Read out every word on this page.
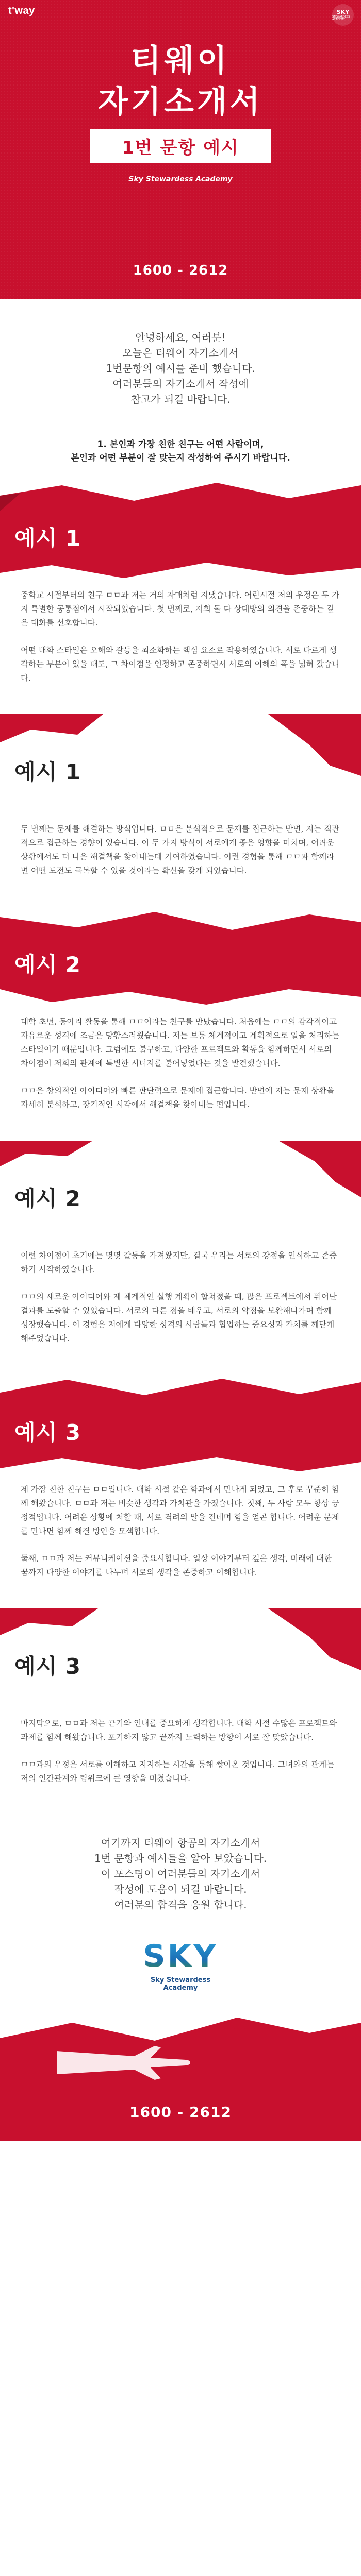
t'way	SKY
STEWARDESS ACADEMY
티웨이
자기소개서
1번 문항 예시
Sky Stewardess Academy
1600 - 2612

안녕하세요, 여러분!

오늘은 티웨이 자기소개서

1번문항의 예시를 준비 했습니다.

여러분들의 자기소개서 작성에

참고가 되길 바랍니다.

1. 본인과 가장 친한 친구는 어떤 사람이며,
본인과 어떤 부분이 잘 맞는지 작성하여 주시기 바랍니다.
예시 1

중학교 시절부터의 친구 ㅁㅁ과 저는 거의 자매처럼 지냈습니다. 어린시절 저의 우정은 두 가지 특별한 공통점에서 시작되었습니다. 첫 번째로, 저희 둘 다 상대방의 의견을 존중하는 깊은 대화를 선호합니다.

어떤 대화 스타일은 오해와 갈등을 최소화하는 핵심 요소로 작용하였습니다. 서로 다르게 생각하는 부분이 있을 때도, 그 차이점을 인정하고 존중하면서 서로의 이해의 폭을 넓혀 갔습니다.

예시 1

두 번째는 문제를 해결하는 방식입니다. ㅁㅁ은 분석적으로 문제를 접근하는 반면, 저는 직관적으로 접근하는 경향이 있습니다. 이 두 가지 방식이 서로에게 좋은 영향을 미치며, 어려운 상황에서도 더 나은 해결책을 찾아내는데 기여하였습니다. 이런 경험을 통해 ㅁㅁ과 함께라면 어떤 도전도 극복할 수 있을 것이라는 확신을 갖게 되었습니다.

예시 2

대학 초년, 동아리 활동을 통해 ㅁㅁ이라는 친구를 만났습니다. 처음에는 ㅁㅁ의 감각적이고 자유로운 성격에 조금은 당황스러웠습니다. 저는 보통 체계적이고 계획적으로 일을 처리하는 스타일이기 때문입니다. 그럼에도 불구하고, 다양한 프로젝트와 활동을 함께하면서 서로의 차이점이 저희의 관계에 특별한 시너지를 불어넣었다는 것을 발견했습니다.

ㅁㅁ은 창의적인 아이디어와 빠른 판단력으로 문제에 접근합니다. 반면에 저는 문제 상황을 자세히 분석하고, 장기적인 시각에서 해결책을 찾아내는 편입니다.

예시 2

이런 차이점이 초기에는 몇몇 갈등을 가져왔지만, 결국 우리는 서로의 강점을 인식하고 존중하기 시작하였습니다.

ㅁㅁ의 새로운 아이디어와 제 체계적인 실행 계획이 합쳐졌을 때, 많은 프로젝트에서 뛰어난 결과를 도출할 수 있었습니다. 서로의 다른 점을 배우고, 서로의 약점을 보완해나가며 함께 성장했습니다. 이 경험은 저에게 다양한 성격의 사람들과 협업하는 중요성과 가치를 깨닫게 해주었습니다.

예시 3

제 가장 친한 친구는 ㅁㅁ입니다. 대학 시절 같은 학과에서 만나게 되었고, 그 후로 꾸준히 함께 해왔습니다. ㅁㅁ과 저는 비슷한 생각과 가치관을 가졌습니다. 첫째, 두 사람 모두 항상 긍정적입니다. 어려운 상황에 처할 때, 서로 격려의 말을 건네며 힘을 얻곤 합니다. 어려운 문제를 만나면 함께 해결 방안을 모색합니다.

둘째, ㅁㅁ과 저는 커뮤니케이션을 중요시합니다. 일상 이야기부터 깊은 생각, 미래에 대한 꿈까지 다양한 이야기를 나누며 서로의 생각을 존중하고 이해합니다.

예시 3

마지막으로, ㅁㅁ과 저는 끈기와 인내를 중요하게 생각합니다. 대학 시절 수많은 프로젝트와 과제를 함께 해왔습니다. 포기하지 않고 끝까지 노력하는 방향이 서로 잘 맞았습니다.

ㅁㅁ과의 우정은 서로를 이해하고 지지하는 시간을 통해 쌓아온 것입니다. 그녀와의 관계는 저의 인간관계와 팀워크에 큰 영향을 미쳤습니다.

여기까지 티웨이 항공의 자기소개서

1번 문항과 예시들을 알아 보았습니다.

이 포스팅이 여러분들의 자기소개서

작성에 도움이 되길 바랍니다.

여러분의 합격을 응원 합니다.

SKY
Sky Stewardess Academy
1600 - 2612
